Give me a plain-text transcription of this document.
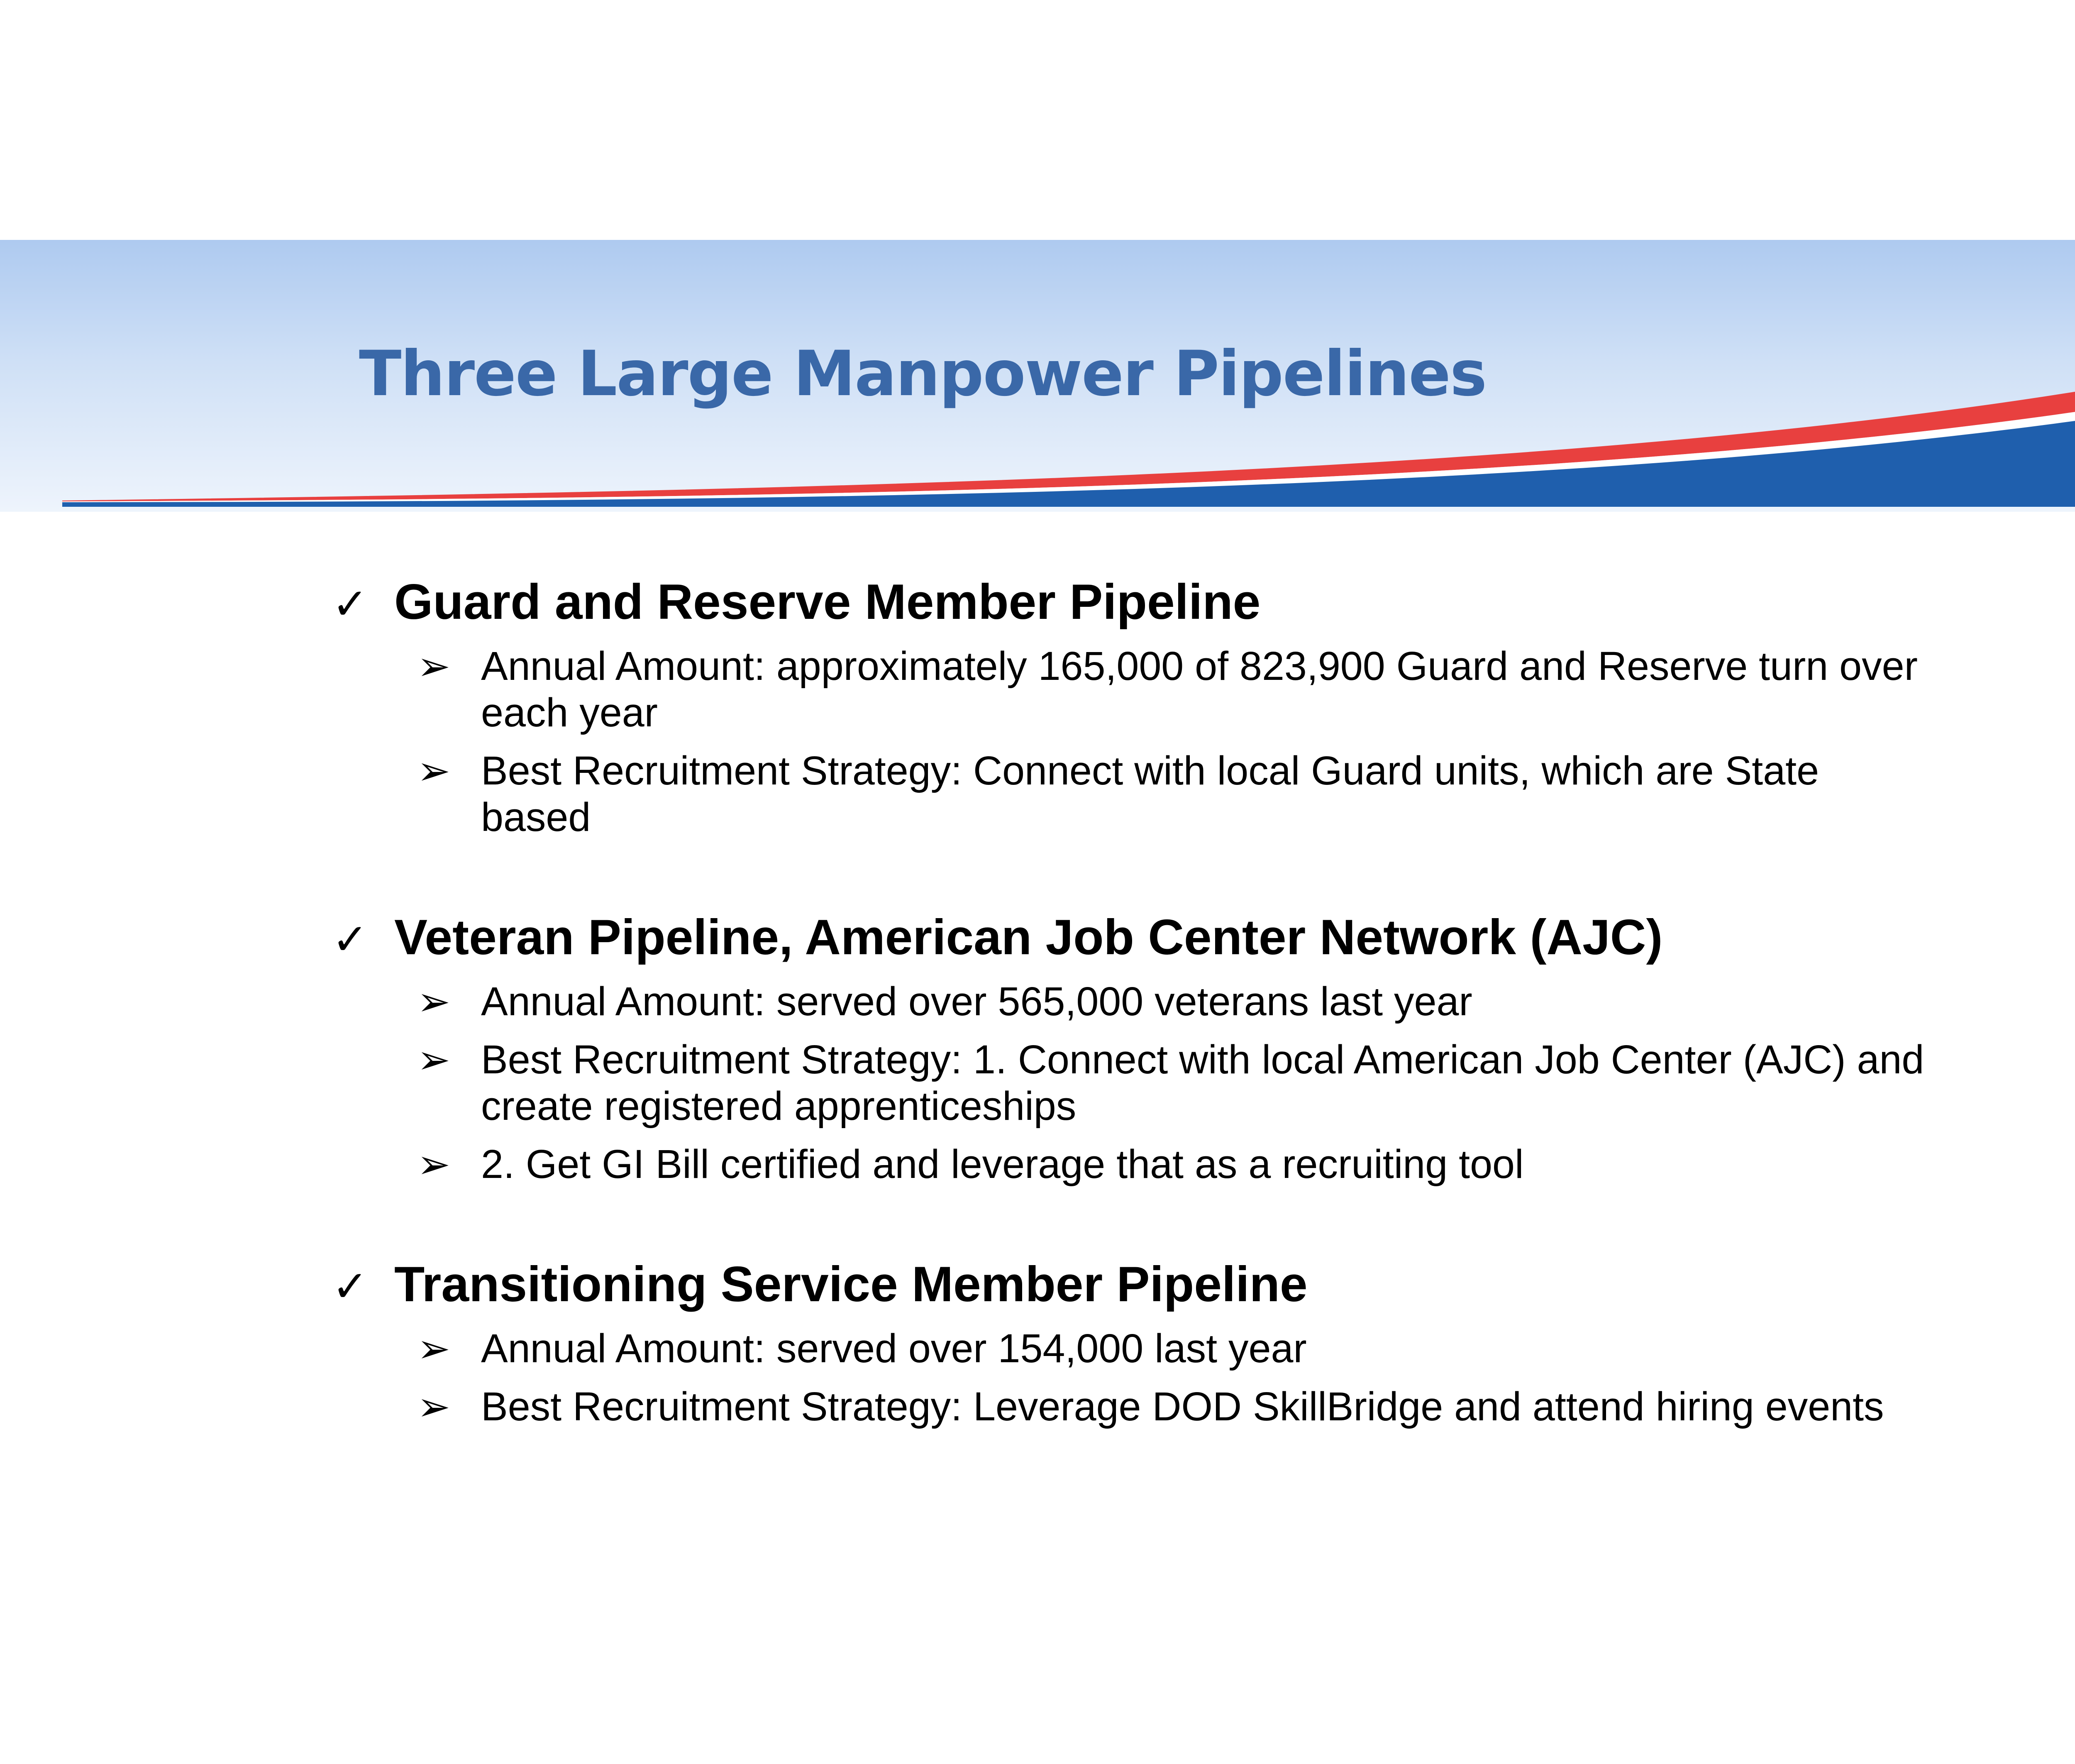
Three Large Manpower Pipelines
✓ Guard and Reserve Member Pipeline
➢ Annual Amount: approximately 165,000 of 823,900 Guard and Reserve turn over each year
➢ Best Recruitment Strategy: Connect with local Guard units, which are State based
✓ Veteran Pipeline, American Job Center Network (AJC)
➢ Annual Amount: served over 565,000 veterans last year
➢ Best Recruitment Strategy: 1. Connect with local American Job Center (AJC) and create registered apprenticeships
➢ 2. Get GI Bill certified and leverage that as a recruiting tool
✓ Transitioning Service Member Pipeline
➢ Annual Amount: served over 154,000 last year
➢ Best Recruitment Strategy: Leverage DOD SkillBridge and attend hiring events
